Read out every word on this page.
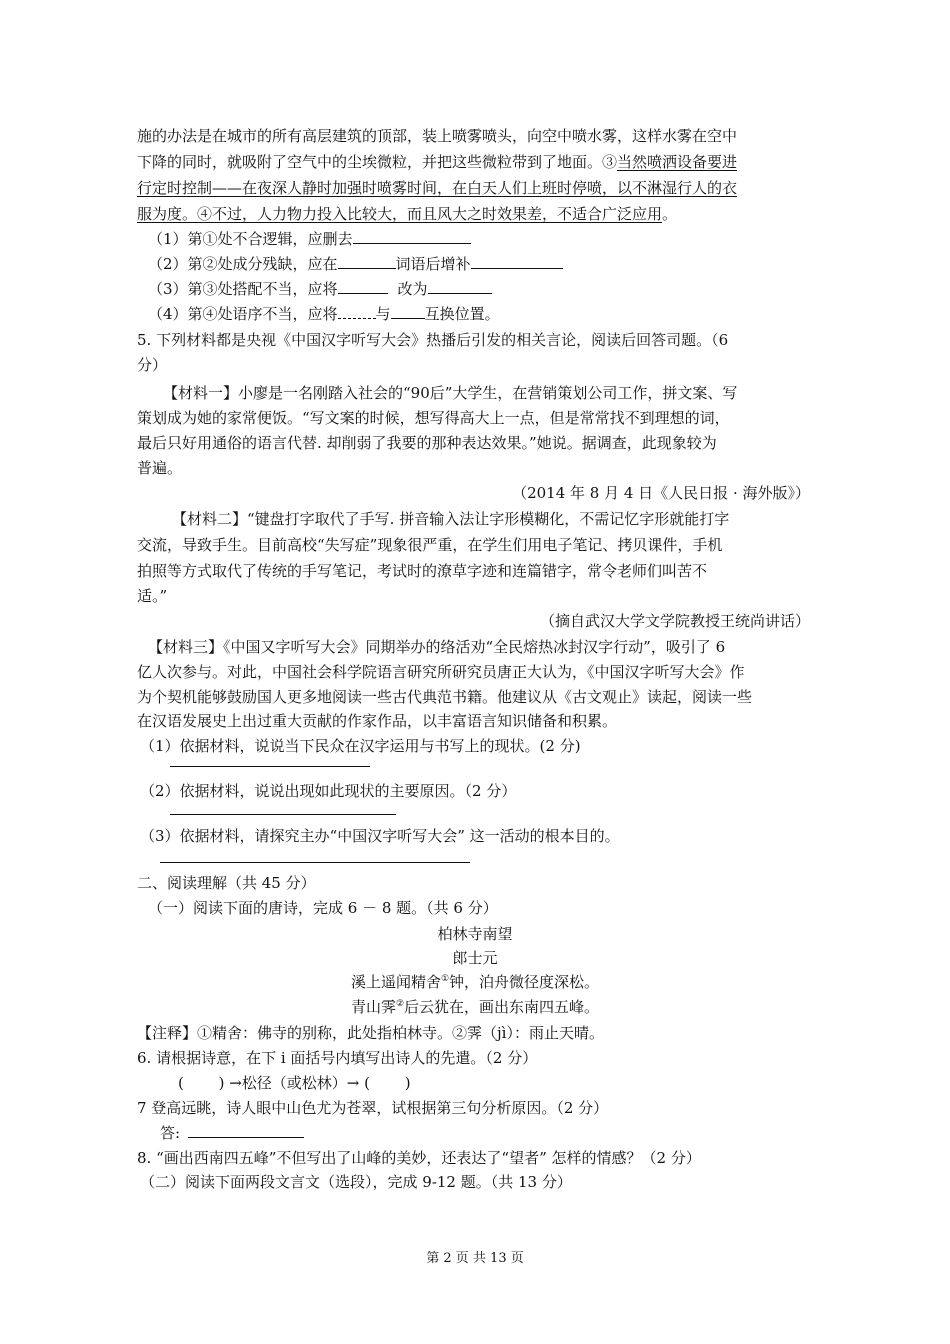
施的办法是在城市的所有高层建筑的顶部，装上喷雾喷头，向空中喷水雾，这样水雾在空中
下降的同时，就吸附了空气中的尘埃微粒，并把这些微粒带到了地面。③当然喷洒设备要进
行定时控制——在夜深人静时加强时喷雾时间，在白天人们上班时停喷，以不淋湿行人的衣
服为度。④不过，人力物力投入比较大，而且风大之时效果差，不适合广泛应用。
（1）第①处不合逻辑，应删去
（2）第②处成分残缺，应在	词语后增补
（3）第③处搭配不当，应将	改为
（4）第④处语序不当，应将	与 互换位置。
5. 下列材料都是央视《中国汉字听写大会》热播后引发的相关言论，阅读后回答司题。（6
分）
【材料一】小廖是一名刚踏入社会的“90后”大学生，在营销策划公司工作，拼文案、写
策划成为她的家常便饭。“写文案的时候，想写得高大上一点，但是常常找不到理想的词，
最后只好用通俗的语言代替. 却削弱了我要的那种表达效果。”她说。据调查，此现象较为
普遍。
（2014 年 8 月 4 日《人民日报 · 海外版》）
【材料二】“键盘打字取代了手写. 拼音输入法让字形模糊化，不需记忆字形就能打字
交流，导致手生。目前高校“失写症”现象很严重，在学生们用电子笔记、拷贝课件，手机
拍照等方式取代了传统的手写笔记，考试时的潦草字迹和连篇错字，常令老师们叫苦不
适。”
（摘自武汉大学文学院教授王统尚讲话）
【材料三】《中国又字听写大会》同期举办的络活劝“全民熔热冰封汉字行动”，吸引了 6
亿人次参与。对此，中国社会科学院语言研究所研究员唐正大认为，《中国汉字听写大会》作
为个契机能够鼓励国人更多地阅读一些古代典范书籍。他建议从《古文观止》读起，阅读一些
在汉语发展史上出过重大贡献的作家作品，以丰富语言知识储备和积累。
（1）依据材料，说说当下民众在汉字运用与书写上的现状。(2 分)
（2）依据材料，说说出现如此现状的主要原因。（2 分）
（3）依据材料，请探究主办“中国汉字听写大会” 这一活动的根本目的。
二、阅读理解（共 45 分）
（一）阅读下面的唐诗，完成 6 － 8 题。（共 6 分）
柏林寺南望
郎士元
溪上遥闻精舍①钟，泊舟微径度深松。
青山霁②后云犹在，画出东南四五峰。
【注释】①精舍：佛寺的别称，此处指柏林寺。②霁（jì）：雨止天晴。
6. 请根据诗意，在下 i 面括号内填写出诗人的先遣。（2 分）
(　　 ) →松径（或松林）→ (　　 )
7 登高远眺，诗人眼中山色尤为苍翠，试根据第三句分析原因。（2 分）
答:
8. “画出西南四五峰”不但写出了山峰的美妙，还表达了“望者” 怎样的情感？（2 分）
（二）阅读下面两段文言文（选段），完成 9-12 题。（共 13 分）
第 2 页 共 13 页
